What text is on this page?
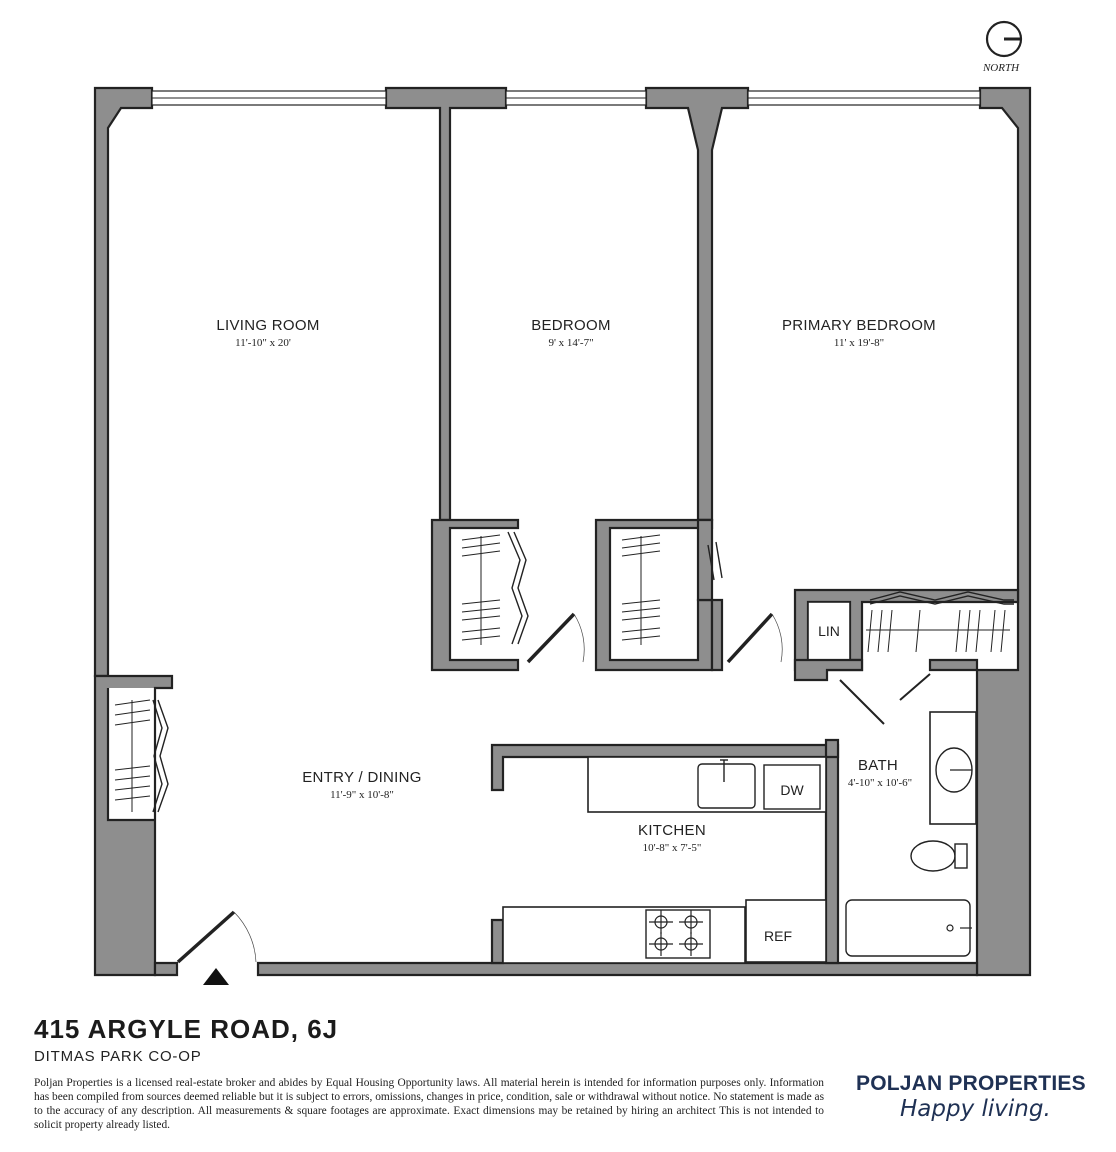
NORTH
LIN
DW
REF
LIVING ROOM
11'-10" x 20'
BEDROOM
9' x 14'-7"
PRIMARY BEDROOM
11' x 19'-8"
ENTRY / DINING
11'-9" x 10'-8"
KITCHEN
10'-8" x 7'-5"
BATH
4'-10" x 10'-6"
415 ARGYLE ROAD, 6J
DITMAS PARK CO-OP
Poljan Properties is a licensed real-estate broker and abides by Equal Housing Opportunity laws. All material herein is intended for information purposes only. Information has been compiled from sources deemed reliable but it is subject to errors, omissions, changes in price, condition, sale or withdrawal without notice. No statement is made as to the accuracy of any description. All measurements & square footages are approximate. Exact dimensions may be retained by hiring an architect This is not intended to solicit property already listed.
POLJAN PROPERTIES
Happy living.
